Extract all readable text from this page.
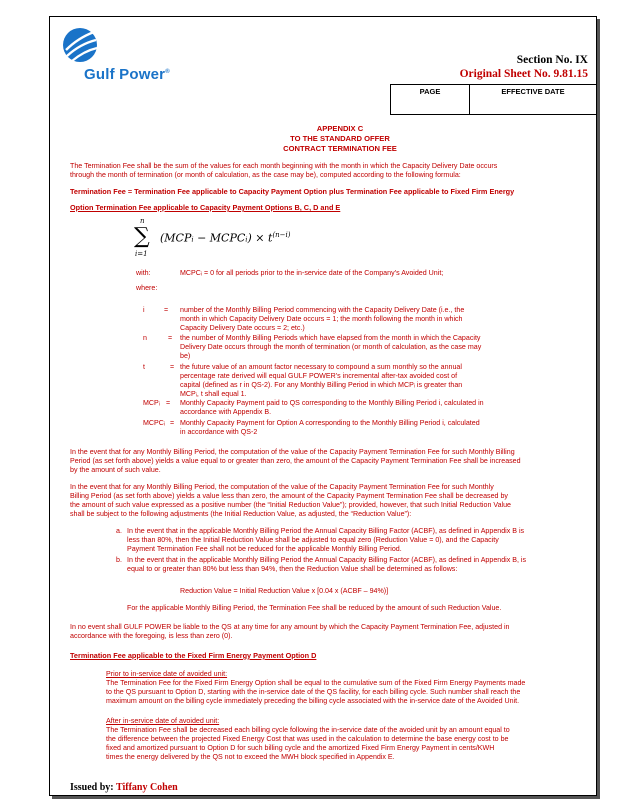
Gulf Power®
Section No. IX
Original Sheet No. 9.81.15
PAGE	EFFECTIVE DATE
APPENDIX C
TO THE STANDARD OFFER
CONTRACT TERMINATION FEE
The Termination Fee shall be the sum of the values for each month beginning with the month in which the Capacity Delivery Date occurs
through the month of termination (or month of calculation, as the case may be), computed according to the following formula:
Termination Fee = Termination Fee applicable to Capacity Payment Option plus Termination Fee applicable to Fixed Firm Energy
Option Termination Fee applicable to Capacity Payment Options B, C, D and E
n
∑
i=1
(MCPᵢ − MCPCᵢ) × $t^{(n-i)}$
with:	MCPCᵢ = 0 for all periods prior to the in-service date of the Company’s Avoided Unit;
where:
i	= number of the Monthly Billing Period commencing with the Capacity Delivery Date (i.e., the
month in which Capacity Delivery Date occurs = 1; the month following the month in which
Capacity Delivery Date occurs = 2; etc.)
n	= the number of Monthly Billing Periods which have elapsed from the month in which the Capacity
Delivery Date occurs through the month of termination (or month of calculation, as the case may
be)
t	= the future value of an amount factor necessary to compound a sum monthly so the annual
percentage rate derived will equal GULF POWER’s incremental after-tax avoided cost of
capital (defined as r in QS-2). For any Monthly Billing Period in which MCPᵢ is greater than
MCPᵢ, t shall equal 1.
MCPᵢ = Monthly Capacity Payment paid to QS corresponding to the Monthly Billing Period i, calculated in
accordance with Appendix B.
MCPCᵢ = Monthly Capacity Payment for Option A corresponding to the Monthly Billing Period i, calculated
in accordance with QS-2
In the event that for any Monthly Billing Period, the computation of the value of the Capacity Payment Termination Fee for such Monthly Billing
Period (as set forth above) yields a value equal to or greater than zero, the amount of the Capacity Payment Termination Fee shall be increased
by the amount of such value.
In the event that for any Monthly Billing Period, the computation of the value of the Capacity Payment Termination Fee for such Monthly
Billing Period (as set forth above) yields a value less than zero, the amount of the Capacity Payment Termination Fee shall be decreased by
the amount of such value expressed as a positive number (the “Initial Reduction Value”); provided, however, that such Initial Reduction Value
shall be subject to the following adjustments (the Initial Reduction Value, as adjusted, the “Reduction Value”):
a. In the event that in the applicable Monthly Billing Period the Annual Capacity Billing Factor (ACBF), as defined in Appendix B is
less than 80%, then the Initial Reduction Value shall be adjusted to equal zero (Reduction Value = 0), and the Capacity
Payment Termination Fee shall not be reduced for the applicable Monthly Billing Period.
b. In the event that in the applicable Monthly Billing Period the Annual Capacity Billing Factor (ACBF), as defined in Appendix B, is
equal to or greater than 80% but less than 94%, then the Reduction Value shall be determined as follows:
Reduction Value = Initial Reduction Value x [0.04 x (ACBF – 94%)]
For the applicable Monthly Billing Period, the Termination Fee shall be reduced by the amount of such Reduction Value.
In no event shall GULF POWER be liable to the QS at any time for any amount by which the Capacity Payment Termination Fee, adjusted in
accordance with the foregoing, is less than zero (0).
Termination Fee applicable to the Fixed Firm Energy Payment Option D
Prior to in-service date of avoided unit:
The Termination Fee for the Fixed Firm Energy Option shall be equal to the cumulative sum of the Fixed Firm Energy Payments made
to the QS pursuant to Option D, starting with the in-service date of the QS facility, for each billing cycle. Such number shall reach the
maximum amount on the billing cycle immediately preceding the billing cycle associated with the in-service date of the Avoided Unit.
After in-service date of avoided unit:
The Termination Fee shall be decreased each billing cycle following the in-service date of the avoided unit by an amount equal to
the difference between the projected Fixed Energy Cost that was used in the calculation to determine the base energy cost to be
fixed and amortized pursuant to Option D for such billing cycle and the amortized Fixed Firm Energy Payment in cents/KWH
times the energy delivered by the QS not to exceed the MWH block specified in Appendix E.
Issued by: Tiffany Cohen
